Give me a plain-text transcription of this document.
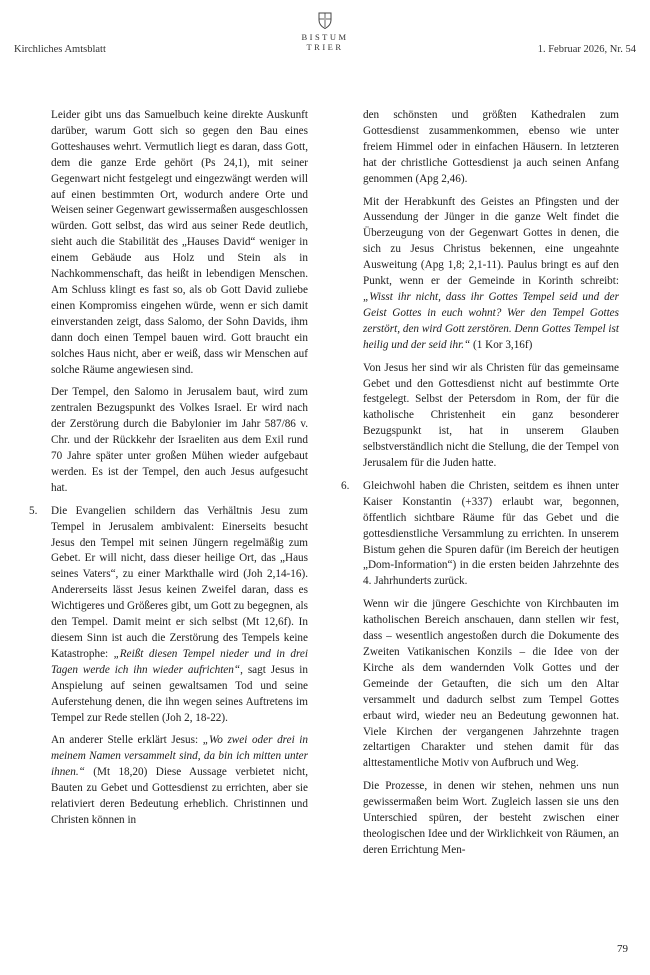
Kirchliches Amtsblatt
BISTUM
TRIER	1. Februar 2026, Nr. 54

Leider gibt uns das Samuelbuch keine direkte Auskunft darüber, warum Gott sich so gegen den Bau eines Gotteshauses wehrt. Vermutlich liegt es daran, dass Gott, dem die ganze Erde gehört (Ps 24,1), mit seiner Gegenwart nicht festgelegt und eingezwängt werden will auf einen bestimmten Ort, wodurch andere Orte und Weisen seiner Gegenwart gewissermaßen ausgeschlossen würden. Gott selbst, das wird aus seiner Rede deutlich, sieht auch die Stabilität des „Hauses David“ weniger in einem Gebäude aus Holz und Stein als in Nachkommenschaft, das heißt in lebendigen Menschen. Am Schluss klingt es fast so, als ob Gott David zuliebe einen Kompromiss eingehen würde, wenn er sich damit einverstanden zeigt, dass Salomo, der Sohn Davids, ihm dann doch einen Tempel bauen wird. Gott braucht ein solches Haus nicht, aber er weiß, dass wir Menschen auf solche Räume angewiesen sind.

Der Tempel, den Salomo in Jerusalem baut, wird zum zentralen Bezugspunkt des Volkes Israel. Er wird nach der Zerstörung durch die Babylonier im Jahr 587/86 v. Chr. und der Rückkehr der Israeliten aus dem Exil rund 70 Jahre später unter großen Mühen wieder aufgebaut werden. Es ist der Tempel, den auch Jesus aufgesucht hat.

5. Die Evangelien schildern das Verhältnis Jesu zum Tempel in Jerusalem ambivalent: Einerseits besucht Jesus den Tempel mit seinen Jüngern regelmäßig zum Gebet. Er will nicht, dass dieser heilige Ort, das „Haus seines Vaters“, zu einer Markthalle wird (Joh 2,14-16). Andererseits lässt Jesus keinen Zweifel daran, dass es Wichtigeres und Größeres gibt, um Gott zu begegnen, als den Tempel. Damit meint er sich selbst (Mt 12,6f). In diesem Sinn ist auch die Zerstörung des Tempels keine Katastrophe: „Reißt diesen Tempel nieder und in drei Tagen werde ich ihn wieder aufrichten“, sagt Jesus in Anspielung auf seinen gewaltsamen Tod und seine Auferstehung denen, die ihn wegen seines Auftretens im Tempel zur Rede stellen (Joh 2, 18-22).

An anderer Stelle erklärt Jesus: „Wo zwei oder drei in meinem Namen versammelt sind, da bin ich mitten unter ihnen.“ (Mt 18,20) Diese Aussage verbietet nicht, Bauten zu Gebet und Gottesdienst zu errichten, aber sie relativiert deren Bedeutung erheblich. Christinnen und Christen können in

den schönsten und größten Kathedralen zum Gottesdienst zusammenkommen, ebenso wie unter freiem Himmel oder in einfachen Häusern. In letzteren hat der christliche Gottesdienst ja auch seinen Anfang genommen (Apg 2,46).

Mit der Herabkunft des Geistes an Pfingsten und der Aussendung der Jünger in die ganze Welt findet die Überzeugung von der Gegenwart Gottes in denen, die sich zu Jesus Christus bekennen, eine ungeahnte Ausweitung (Apg 1,8; 2,1-11). Paulus bringt es auf den Punkt, wenn er der Gemeinde in Korinth schreibt: „Wisst ihr nicht, dass ihr Gottes Tempel seid und der Geist Gottes in euch wohnt? Wer den Tempel Gottes zerstört, den wird Gott zerstören. Denn Gottes Tempel ist heilig und der seid ihr.“ (1 Kor 3,16f)

Von Jesus her sind wir als Christen für das gemeinsame Gebet und den Gottesdienst nicht auf bestimmte Orte festgelegt. Selbst der Petersdom in Rom, der für die katholische Christenheit ein ganz besonderer Bezugspunkt ist, hat in unserem Glauben selbstverständlich nicht die Stellung, die der Tempel von Jerusalem für die Juden hatte.

6. Gleichwohl haben die Christen, seitdem es ihnen unter Kaiser Konstantin (+337) erlaubt war, begonnen, öffentlich sichtbare Räume für das Gebet und die gottesdienstliche Versammlung zu errichten. In unserem Bistum gehen die Spuren dafür (im Bereich der heutigen „Dom-Information“) in die ersten beiden Jahrzehnte des 4. Jahrhunderts zurück.

Wenn wir die jüngere Geschichte von Kirchbauten im katholischen Bereich anschauen, dann stellen wir fest, dass – wesentlich angestoßen durch die Dokumente des Zweiten Vatikanischen Konzils – die Idee von der Kirche als dem wandernden Volk Gottes und der Gemeinde der Getauften, die sich um den Altar versammelt und dadurch selbst zum Tempel Gottes erbaut wird, wieder neu an Bedeutung gewonnen hat. Viele Kirchen der vergangenen Jahrzehnte tragen zeltartigen Charakter und stehen damit für das alttestamentliche Motiv von Aufbruch und Weg.

Die Prozesse, in denen wir stehen, nehmen uns nun gewissermaßen beim Wort. Zugleich lassen sie uns den Unterschied spüren, der besteht zwischen einer theologischen Idee und der Wirklichkeit von Räumen, an deren Errichtung Men-

79
